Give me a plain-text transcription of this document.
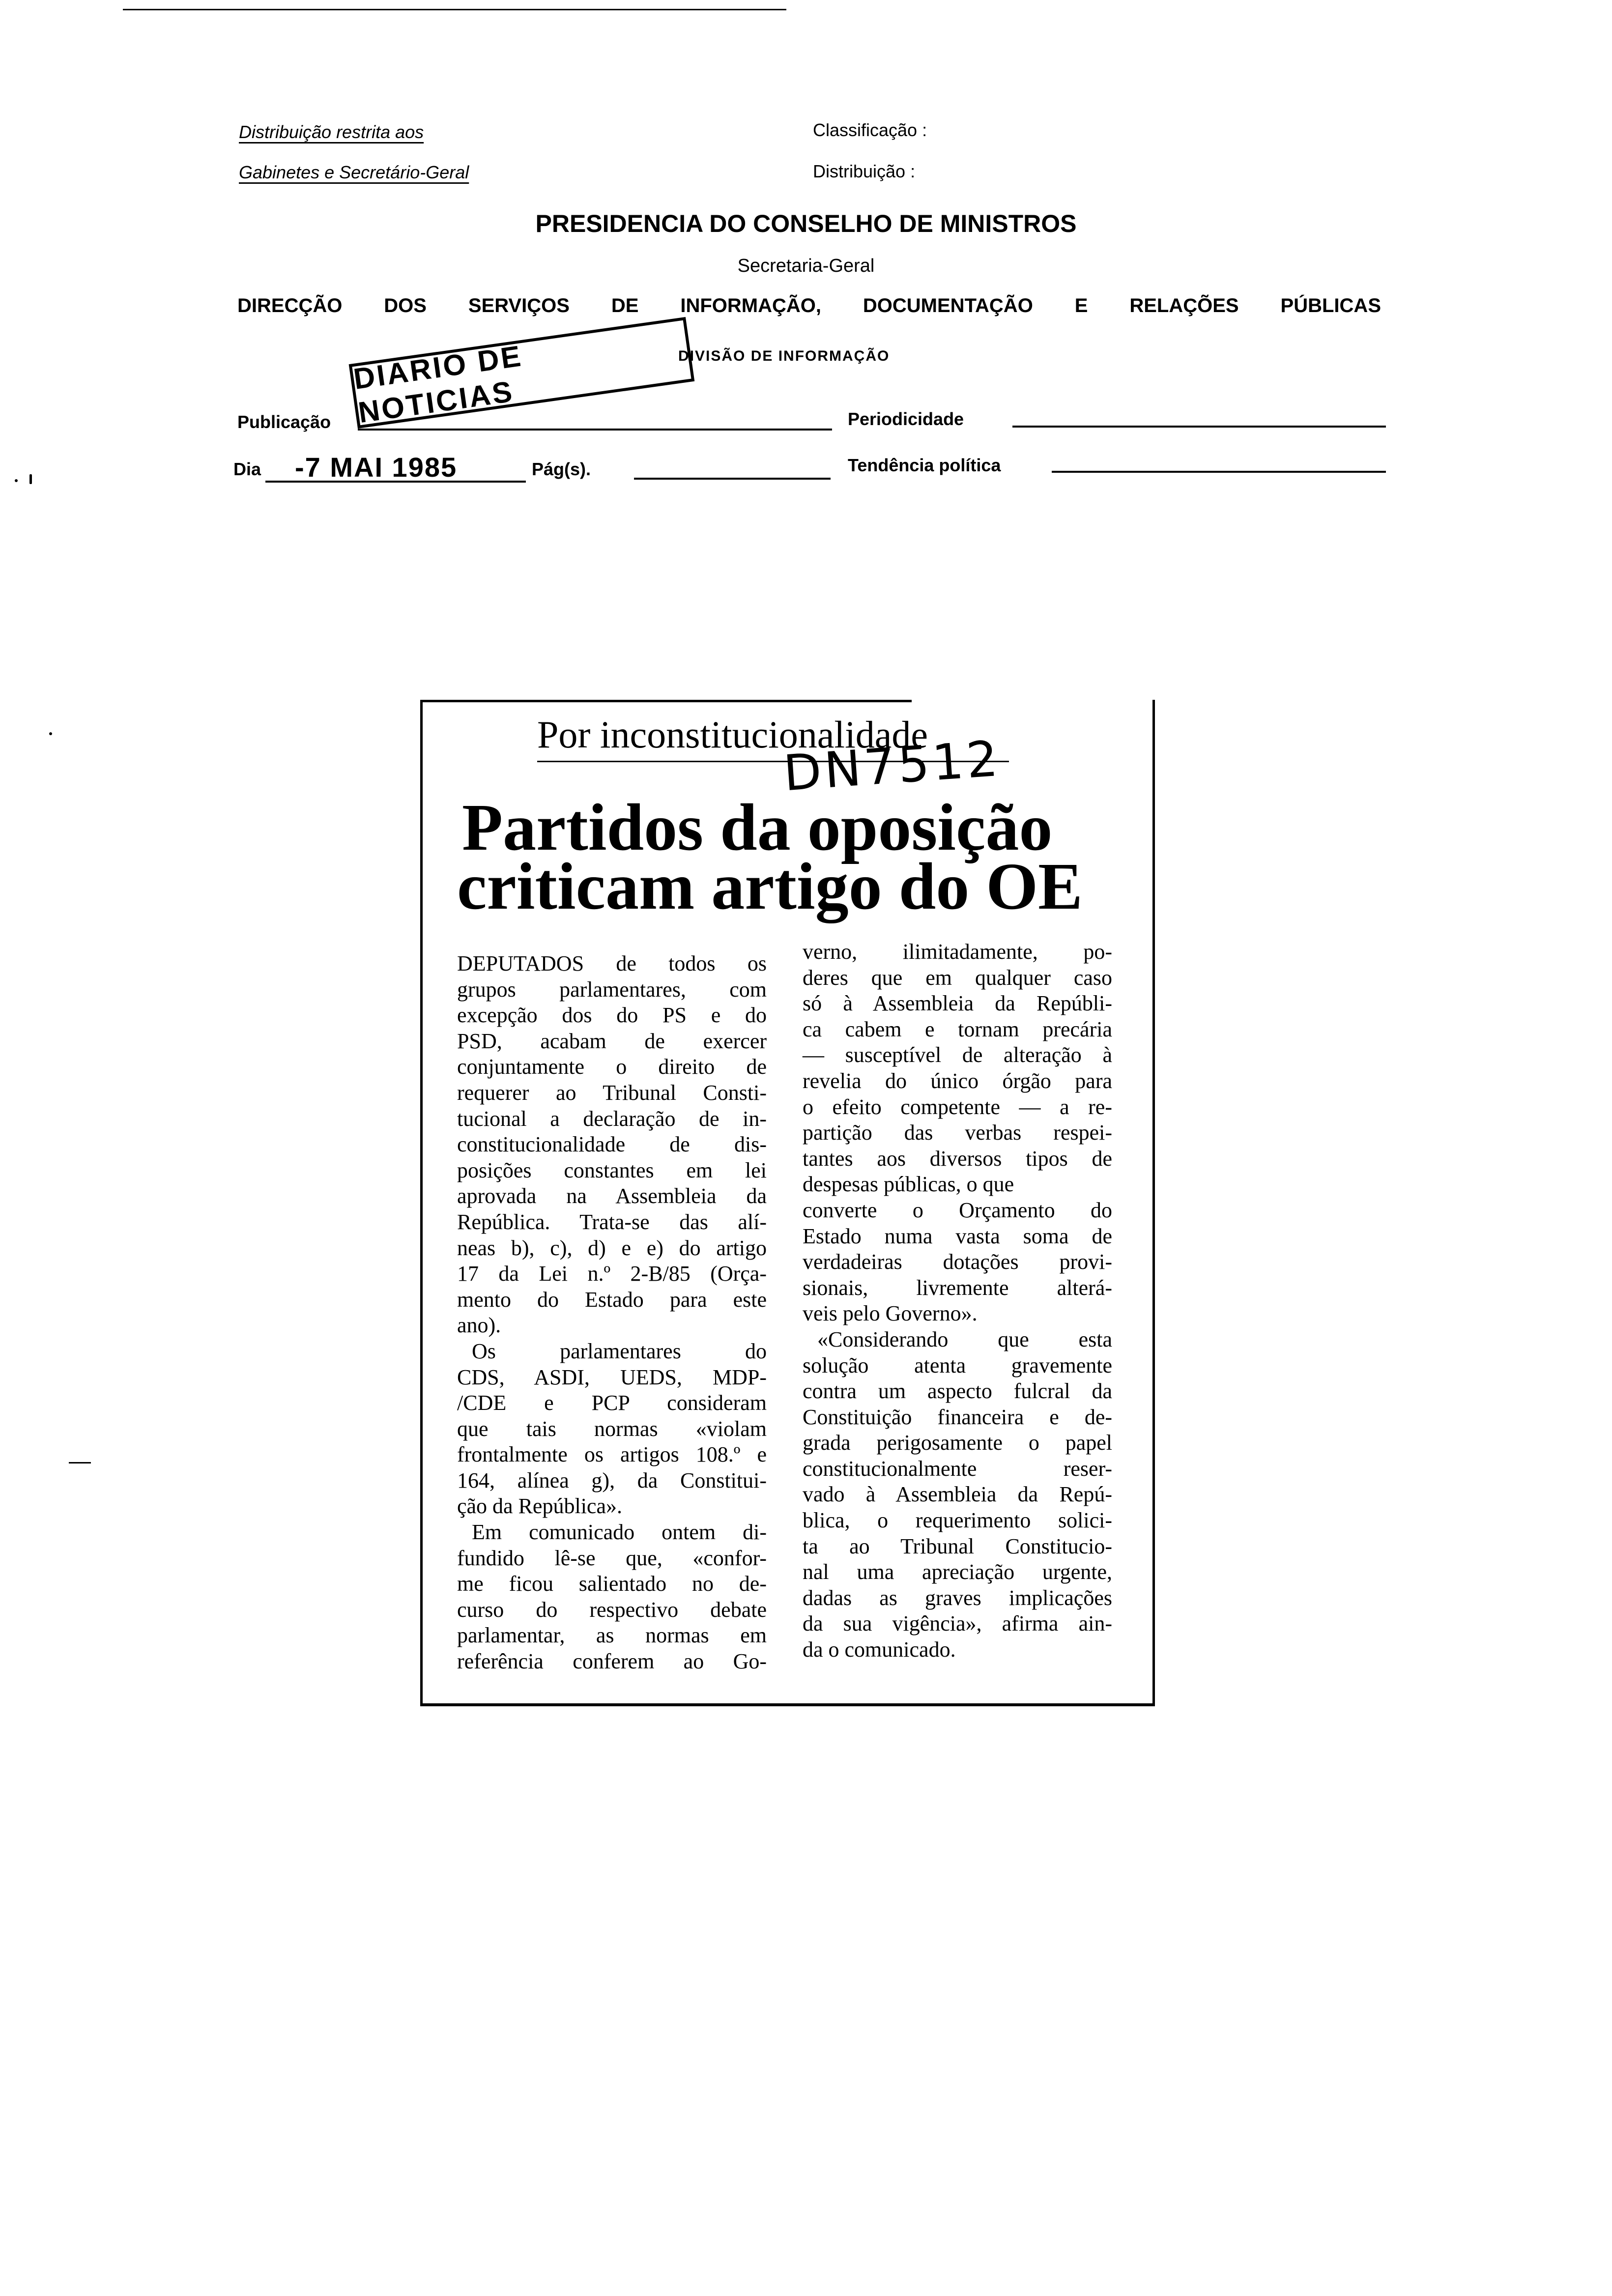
Distribuição restrita aos
Gabinetes e Secretário-Geral
Classificação :
Distribuição :
PRESIDENCIA DO CONSELHO DE MINISTROS
Secretaria-Geral
DIRECÇÃO DOS SERVIÇOS DE INFORMAÇÃO, DOCUMENTAÇÃO E RELAÇÕES PÚBLICAS
DIVISÃO DE INFORMAÇÃO
Publicação
DIARIO DE NOTICIAS	Periodicidade
Dia -7 MAI 1985	Pág(s).	Tendência política
Por inconstitucionalidade
DN7512
Partidos da oposição
criticam artigo do OE
DEPUTADOS de todos os
grupos parlamentares, com
excepção dos do PS e do
PSD, acabam de exercer
conjuntamente o direito de
requerer ao Tribunal Consti-
tucional a declaração de in-
constitucionalidade de dis-
posições constantes em lei
aprovada na Assembleia da
República. Trata-se das alí-
neas b), c), d) e e) do artigo
17 da Lei n.º 2-B/85 (Orça-
mento do Estado para este
ano).
Os parlamentares do
CDS, ASDI, UEDS, MDP-
/CDE e PCP consideram
que tais normas «violam
frontalmente os artigos 108.º e
164, alínea g), da Constitui-
ção da República».
Em comunicado ontem di-
fundido lê-se que, «confor-
me ficou salientado no de-
curso do respectivo debate
parlamentar, as normas em
referência conferem ao Go-
verno, ilimitadamente, po-
deres que em qualquer caso
só à Assembleia da Repúbli-
ca cabem e tornam precária
— susceptível de alteração à
revelia do único órgão para
o efeito competente — a re-
partição das verbas respei-
tantes aos diversos tipos de
despesas públicas, o que
converte o Orçamento do
Estado numa vasta soma de
verdadeiras dotações provi-
sionais, livremente alterá-
veis pelo Governo».
«Considerando que esta
solução atenta gravemente
contra um aspecto fulcral da
Constituição financeira e de-
grada perigosamente o papel
constitucionalmente reser-
vado à Assembleia da Repú-
blica, o requerimento solici-
ta ao Tribunal Constitucio-
nal uma apreciação urgente,
dadas as graves implicações
da sua vigência», afirma ain-
da o comunicado.
